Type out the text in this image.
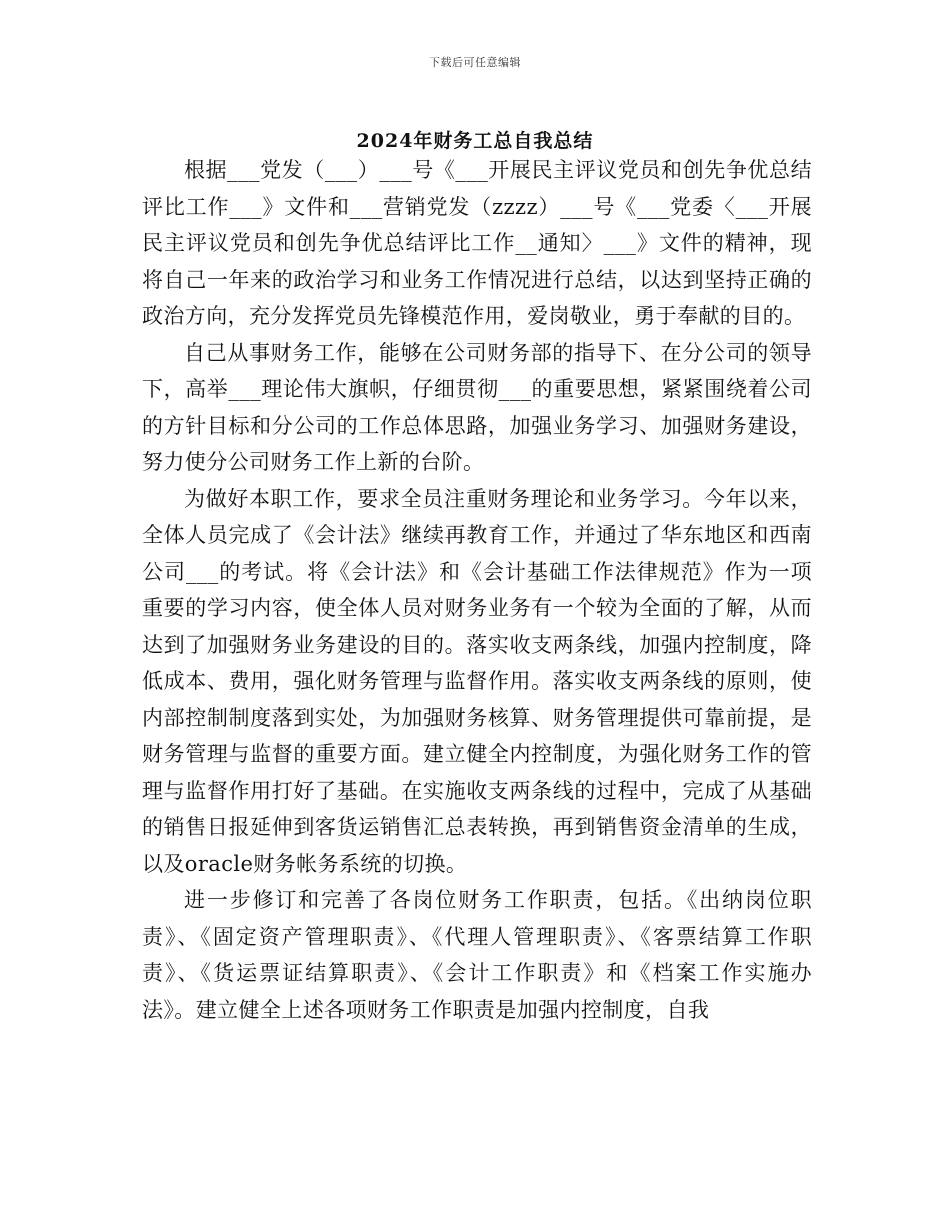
下载后可任意编辑
2024年财务工总自我总结

根据___党发（___）___号《___开展民主评议党员和创先争优总结评比工作___》文件和___营销党发（zzzz）___号《___党委〈___开展民主评议党员和创先争优总结评比工作__通知〉___》文件的精神，现将自己一年来的政治学习和业务工作情况进行总结，以达到坚持正确的政治方向，充分发挥党员先锋模范作用，爱岗敬业，勇于奉献的目的。

自己从事财务工作，能够在公司财务部的指导下、在分公司的领导下，高举___理论伟大旗帜，仔细贯彻___的重要思想，紧紧围绕着公司的方针目标和分公司的工作总体思路，加强业务学习、加强财务建设，努力使分公司财务工作上新的台阶。

为做好本职工作，要求全员注重财务理论和业务学习。今年以来，全体人员完成了《会计法》继续再教育工作，并通过了华东地区和西南公司___的考试。将《会计法》和《会计基础工作法律规范》作为一项重要的学习内容，使全体人员对财务业务有一个较为全面的了解，从而达到了加强财务业务建设的目的。落实收支两条线，加强内控制度，降低成本、费用，强化财务管理与监督作用。落实收支两条线的原则，使内部控制制度落到实处，为加强财务核算、财务管理提供可靠前提，是财务管理与监督的重要方面。建立健全内控制度，为强化财务工作的管理与监督作用打好了基础。在实施收支两条线的过程中，完成了从基础的销售日报延伸到客货运销售汇总表转换，再到销售资金清单的生成，以及oracle财务帐务系统的切换。

进一步修订和完善了各岗位财务工作职责，包括。《出纳岗位职责》、《固定资产管理职责》、《代理人管理职责》、《客票结算工作职责》、《货运票证结算职责》、《会计工作职责》和《档案工作实施办法》。建立健全上述各项财务工作职责是加强内控制度，自我
